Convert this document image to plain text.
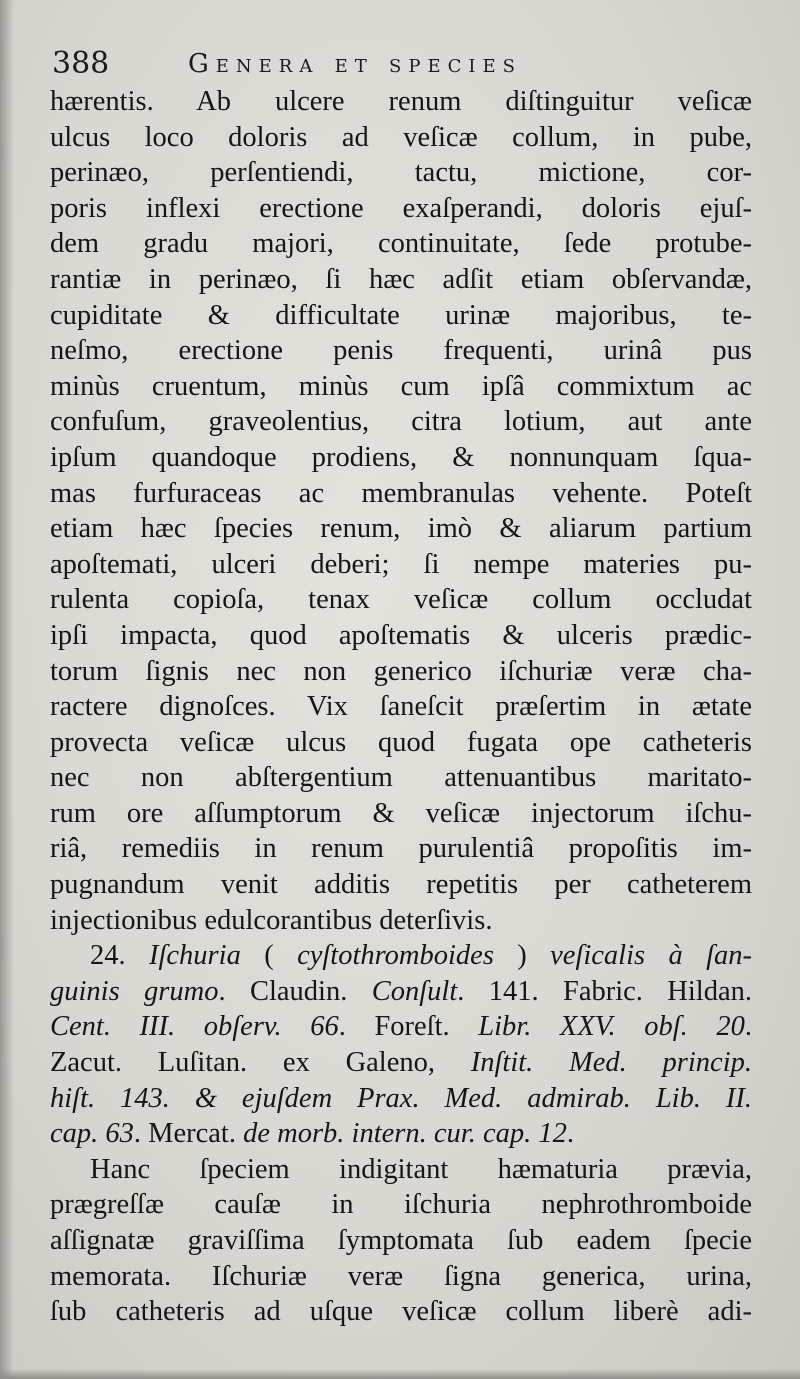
388	Genera et species
hærentis. Ab ulcere renum diſtinguitur veſicæ
ulcus loco doloris ad veſicæ collum, in pube,
perinæo, perſentiendi, tactu, mictione, cor-
poris inflexi erectione exaſperandi, doloris ejuſ-
dem gradu majori, continuitate, ſede protube-
rantiæ in perinæo, ſi hæc adſit etiam obſervandæ,
cupiditate & difficultate urinæ majoribus, te-
neſmo, erectione penis frequenti, urinâ pus
minùs cruentum, minùs cum ipſâ commixtum ac
confuſum, graveolentius, citra lotium, aut ante
ipſum quandoque prodiens, & nonnunquam ſqua-
mas furfuraceas ac membranulas vehente. Poteſt
etiam hæc ſpecies renum, imò & aliarum partium
apoſtemati, ulceri deberi; ſi nempe materies pu-
rulenta copioſa, tenax veſicæ collum occludat
ipſi impacta, quod apoſtematis & ulceris prædic-
torum ſignis nec non generico iſchuriæ veræ cha-
ractere dignoſces. Vix ſaneſcit præſertim in ætate
provecta veſicæ ulcus quod fugata ope catheteris
nec non abſtergentium attenuantibus maritato-
rum ore aſſumptorum & veſicæ injectorum iſchu-
riâ, remediis in renum purulentiâ propoſitis im-
pugnandum venit additis repetitis per catheterem
injectionibus edulcorantibus deterſivis.
24. Iſchuria ( cyſtothromboides ) veſicalis à ſan-
guinis grumo. Claudin. Conſult. 141. Fabric. Hildan.
Cent. III. obſerv. 66. Foreſt. Libr. XXV. obſ. 20.
Zacut. Luſitan. ex Galeno, Inſtit. Med. princip.
hiſt. 143. & ejuſdem Prax. Med. admirab. Lib. II.
cap. 63. Mercat. de morb. intern. cur. cap. 12.
Hanc ſpeciem indigitant hæmaturia prævia,
prægreſſæ cauſæ in iſchuria nephrothromboide
aſſignatæ graviſſima ſymptomata ſub eadem ſpecie
memorata. Iſchuriæ veræ ſigna generica, urina,
ſub catheteris ad uſque veſicæ collum liberè adi-
